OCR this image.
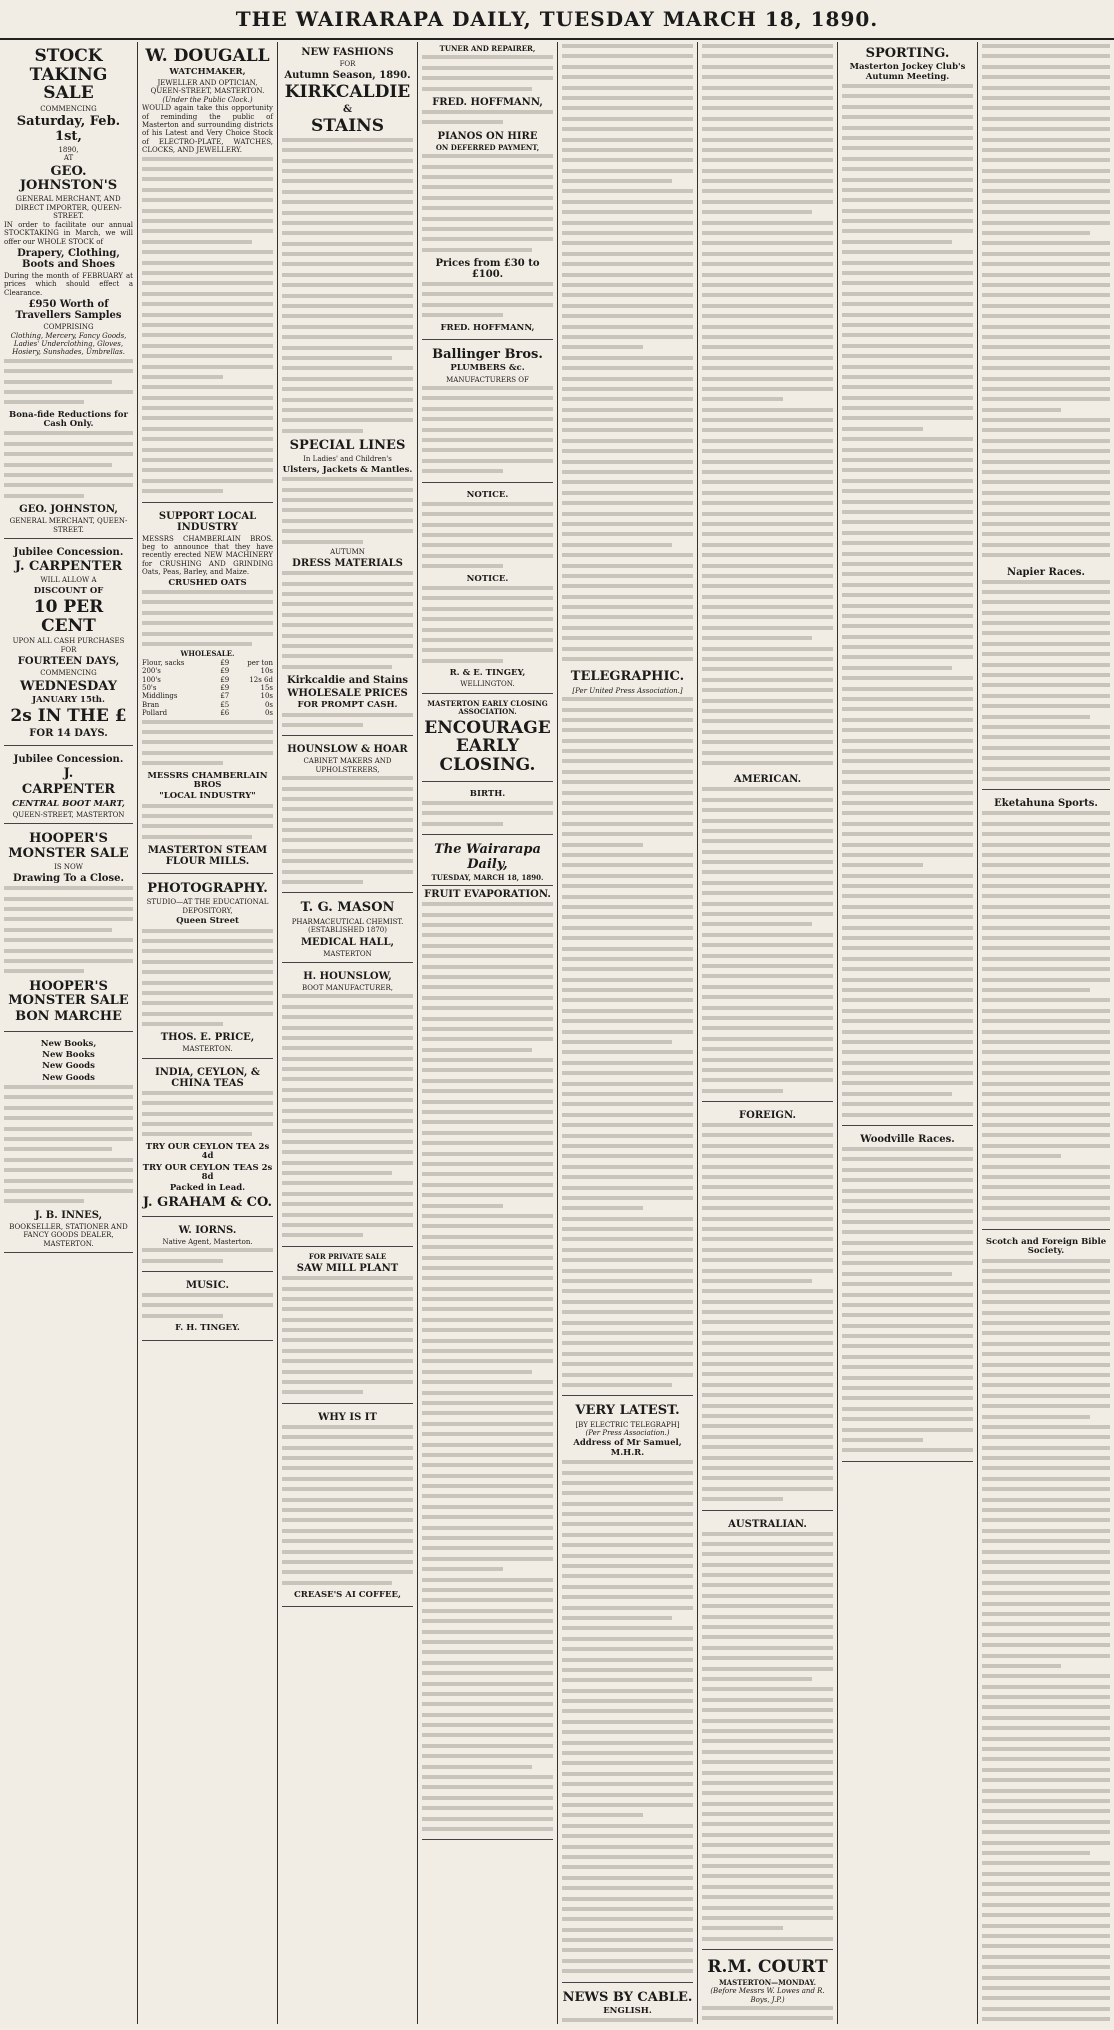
THE WAIRARAPA DAILY, TUESDAY MARCH 18, 1890.
STOCK TAKING SALE
COMMENCING
Saturday, Feb. 1st,
1890,
AT
GEO. JOHNSTON'S
GENERAL MERCHANT, AND DIRECT IMPORTER, QUEEN-STREET.
IN order to facilitate our annual STOCKTAKING in March, we will offer our WHOLE STOCK of
Drapery, Clothing, Boots and Shoes
During the month of FEBRUARY at prices which should effect a Clearance.
£950 Worth of Travellers Samples
COMPRISING
Clothing, Mercery, Fancy Goods, Ladies' Underclothing, Gloves, Hosiery, Sunshades, Umbrellas.
Bona-fide Reductions for Cash Only.
GEO. JOHNSTON,
GENERAL MERCHANT, QUEEN-STREET.
Jubilee Concession.
J. CARPENTER
WILL ALLOW A
DISCOUNT OF
10 PER CENT
UPON ALL CASH PURCHASES
FOR
FOURTEEN DAYS,
COMMENCING
WEDNESDAY
JANUARY 15th.
2s IN THE £
FOR 14 DAYS.
Jubilee Concession.
J.
CARPENTER
CENTRAL BOOT MART,
QUEEN-STREET, MASTERTON
HOOPER'S MONSTER SALE
IS NOW
Drawing To a Close.
HOOPER'S MONSTER SALE
BON MARCHE
New Books,
New Books
New Goods
New Goods
J. B. INNES,
BOOKSELLER, STATIONER AND FANCY GOODS DEALER, MASTERTON.
W. DOUGALL
WATCHMAKER,
JEWELLER AND OPTICIAN,
QUEEN-STREET, MASTERTON.
(Under the Public Clock.)
WOULD again take this opportunity of reminding the public of Masterton and surrounding districts of his Latest and Very Choice Stock of ELECTRO-PLATE, WATCHES, CLOCKS, AND JEWELLERY.
SUPPORT LOCAL INDUSTRY
MESSRS CHAMBERLAIN BROS. beg to announce that they have recently erected NEW MACHINERY for CRUSHING AND GRINDING Oats, Peas, Barley, and Maize.
CRUSHED OATS
WHOLESALE.
Flour, sacks	£9	per ton
200's	£9	10s
100's	£9	12s 6d
50's	£9	15s
Middlings	£7	10s
Bran	£5	0s
Pollard	£6	0s
MESSRS CHAMBERLAIN BROS
"LOCAL INDUSTRY"
MASTERTON STEAM FLOUR MILLS.
PHOTOGRAPHY.
STUDIO—AT THE EDUCATIONAL DEPOSITORY,
Queen Street
THOS. E. PRICE,
MASTERTON.
INDIA, CEYLON, & CHINA TEAS
TRY OUR CEYLON TEA 2s 4d
TRY OUR CEYLON TEAS 2s 8d
Packed in Lead.
J. GRAHAM & CO.
W. IORNS.
Native Agent, Masterton.
MUSIC.
F. H. TINGEY.
NEW FASHIONS
FOR
Autumn Season, 1890.
KIRKCALDIE
&
STAINS
SPECIAL LINES
In Ladies' and Children's
Ulsters, Jackets & Mantles.
AUTUMN
DRESS MATERIALS
Kirkcaldie and Stains
WHOLESALE PRICES
FOR PROMPT CASH.
HOUNSLOW & HOAR
CABINET MAKERS AND UPHOLSTERERS,
T. G. MASON
PHARMACEUTICAL CHEMIST.
(ESTABLISHED 1870)
MEDICAL HALL,
MASTERTON
H. HOUNSLOW,
BOOT MANUFACTURER,
FOR PRIVATE SALE
SAW MILL PLANT
WHY IS IT
CREASE'S AI COFFEE,
TUNER AND REPAIRER,
FRED. HOFFMANN,
PIANOS ON HIRE
ON DEFERRED PAYMENT,
Prices from £30 to £100.
FRED. HOFFMANN,
Ballinger Bros.
PLUMBERS &c.
MANUFACTURERS OF
NOTICE.
NOTICE.
R. & E. TINGEY,
WELLINGTON.
MASTERTON EARLY CLOSING ASSOCIATION.
ENCOURAGE EARLY CLOSING.
BIRTH.
The Wairarapa Daily,
TUESDAY, MARCH 18, 1890.
FRUIT EVAPORATION.
TELEGRAPHIC.
[Per United Press Association.]
VERY LATEST.
[BY ELECTRIC TELEGRAPH]
(Per Press Association.)
Address of Mr Samuel, M.H.R.
NEWS BY CABLE.
ENGLISH.
AMERICAN.
FOREIGN.
AUSTRALIAN.
R.M. COURT
MASTERTON—MONDAY.
(Before Messrs W. Lowes and R. Boys, J.P.)
SPORTING.
Masterton Jockey Club's Autumn Meeting.
Woodville Races.
Napier Races.
Eketahuna Sports.
Scotch and Foreign Bible Society.
